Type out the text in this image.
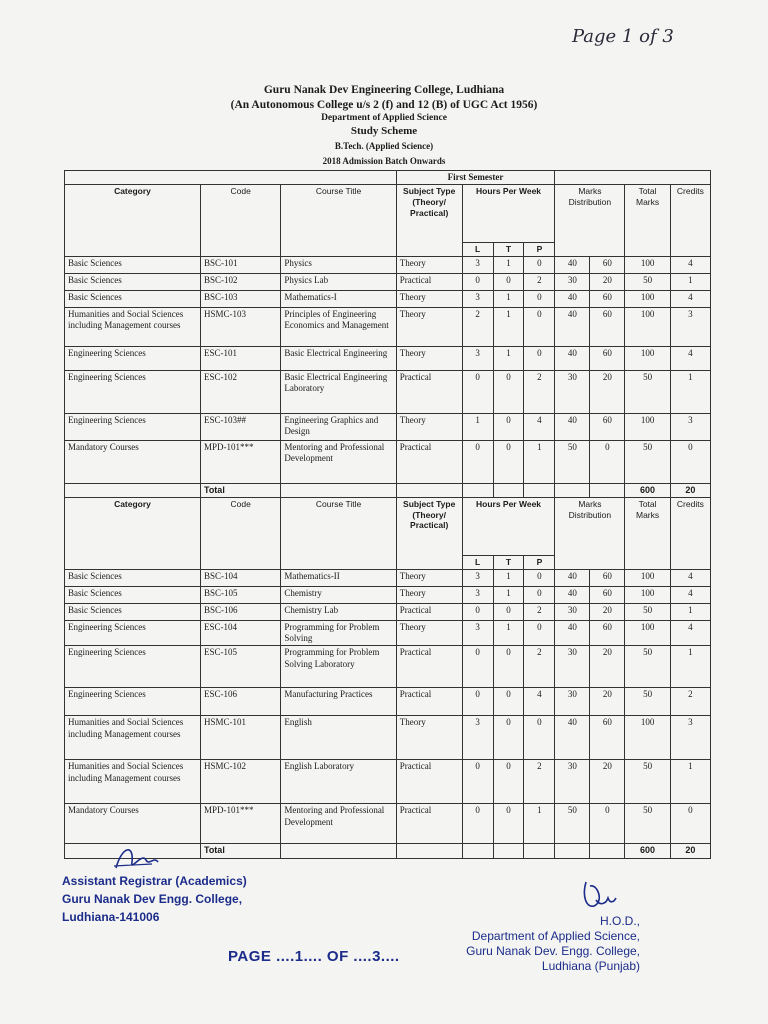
Page 1 of 3
Guru Nanak Dev Engineering College, Ludhiana
(An Autonomous College u/s 2 (f) and 12 (B) of UGC Act 1956)
Department of Applied Science
Study Scheme
B.Tech. (Applied Science)
2018 Admission Batch Onwards
			First Semester							
Category	Code	Course Title	Subject Type (Theory/ Practical)	Hours Per Week			Marks Distribution		Total Marks	Credits
				L	T	P				
Basic Sciences	BSC-101	Physics	Theory	3	1	0	40	60	100	4
Basic Sciences	BSC-102	Physics Lab	Practical	0	0	2	30	20	50	1
Basic Sciences	BSC-103	Mathematics-I	Theory	3	1	0	40	60	100	4
Humanities and Social Sciences including Management courses	HSMC-103	Principles of Engineering Economics and Management	Theory	2	1	0	40	60	100	3
Engineering Sciences	ESC-101	Basic Electrical Engineering	Theory	3	1	0	40	60	100	4
Engineering Sciences	ESC-102	Basic Electrical Engineering Laboratory	Practical	0	0	2	30	20	50	1
Engineering Sciences	ESC-103##	Engineering Graphics and Design	Theory	1	0	4	40	60	100	3
Mandatory Courses	MPD-101***	Mentoring and Professional Development	Practical	0	0	1	50	0	50	0
	Total								600	20
Category	Code	Course Title	Subject Type (Theory/ Practical)	Hours Per Week			Marks Distribution		Total Marks	Credits
				L	T	P				
Basic Sciences	BSC-104	Mathematics-II	Theory	3	1	0	40	60	100	4
Basic Sciences	BSC-105	Chemistry	Theory	3	1	0	40	60	100	4
Basic Sciences	BSC-106	Chemistry Lab	Practical	0	0	2	30	20	50	1
Engineering Sciences	ESC-104	Programming for Problem Solving	Theory	3	1	0	40	60	100	4
Engineering Sciences	ESC-105	Programming for Problem Solving Laboratory	Practical	0	0	2	30	20	50	1
Engineering Sciences	ESC-106	Manufacturing Practices	Practical	0	0	4	30	20	50	2
Humanities and Social Sciences including Management courses	HSMC-101	English	Theory	3	0	0	40	60	100	3
Humanities and Social Sciences including Management courses	HSMC-102	English Laboratory	Practical	0	0	2	30	20	50	1
Mandatory Courses	MPD-101***	Mentoring and Professional Development	Practical	0	0	1	50	0	50	0
	Total								600	20
Assistant Registrar (Academics)
Guru Nanak Dev Engg. College,
Ludhiana-141006
PAGE ....1.... OF ....3....
H.O.D.,
Department of Applied Science,
Guru Nanak Dev. Engg. College,
Ludhiana (Punjab)
